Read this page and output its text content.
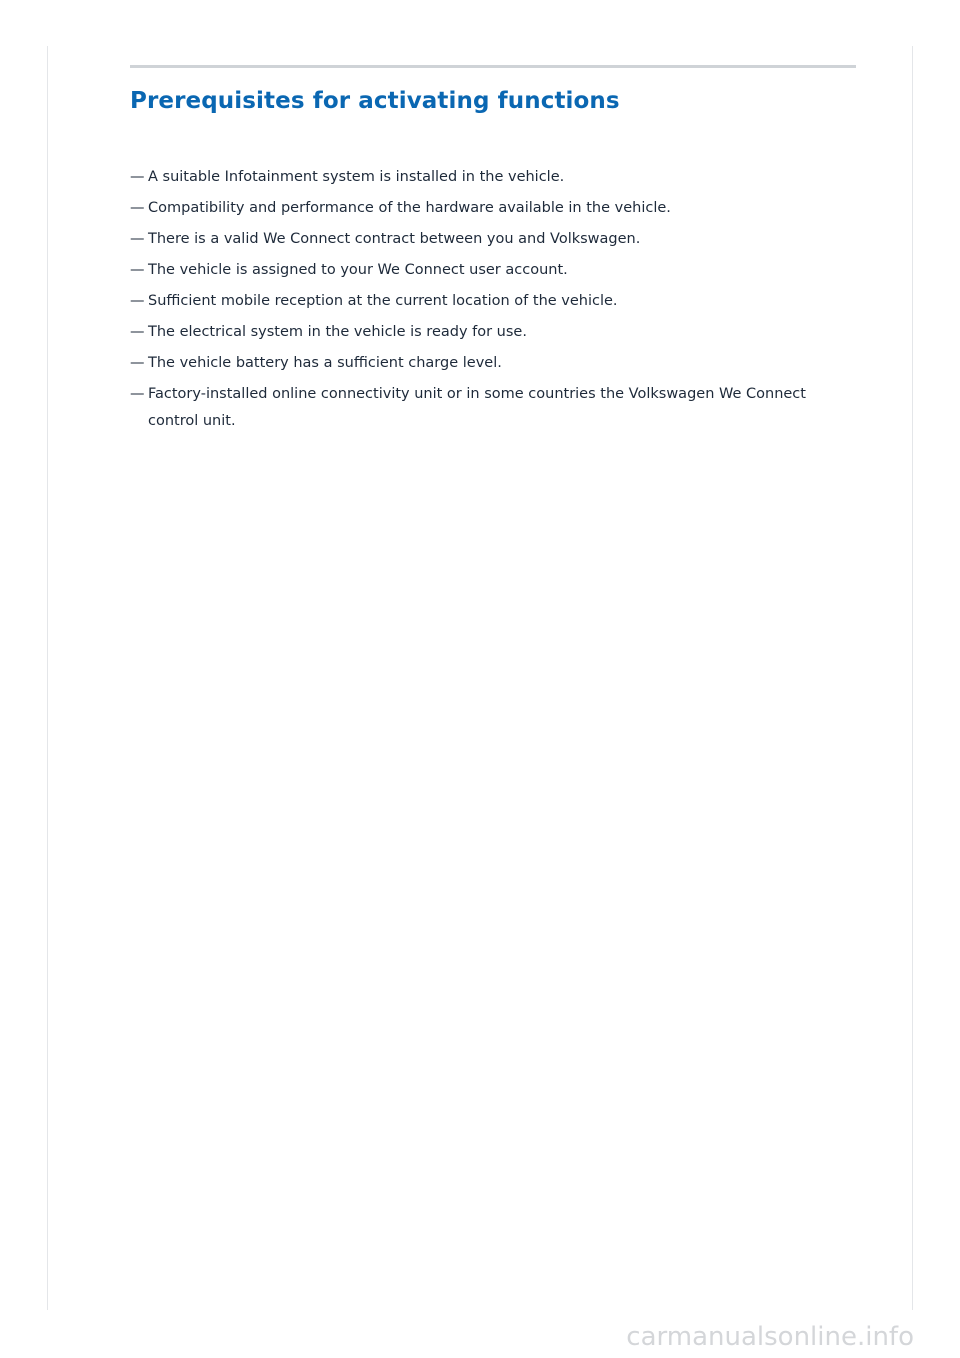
Prerequisites for activating functions
— A suitable Infotainment system is installed in the vehicle.
— Compatibility and performance of the hardware available in the vehicle.
— There is a valid We Connect contract between you and Volkswagen.
— The vehicle is assigned to your We Connect user account.
— Sufficient mobile reception at the current location of the vehicle.
— The electrical system in the vehicle is ready for use.
— The vehicle battery has a sufficient charge level.
— Factory-installed online connectivity unit or in some countries the Volkswagen We Connect control unit.
carmanualsonline.info
